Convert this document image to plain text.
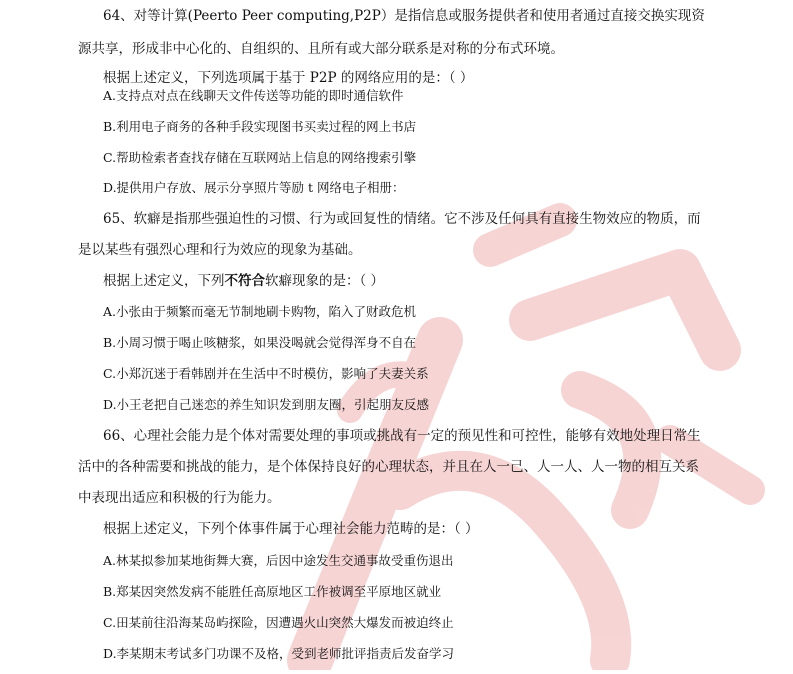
64、对等计算(Peerto Peer computing,P2P）是指信息或服务提供者和使用者通过直接交换实现资
源共享，形成非中心化的、自组织的、且所有或大部分联系是对称的分布式环境。
根据上述定义，下列选项属于基于 P2P 的网络应用的是：（ ）
A.支持点对点在线聊天文件传送等功能的即时通信软件
B.利用电子商务的各种手段实现图书买卖过程的网上书店
C.帮助检索者查找存储在互联网站上信息的网络搜索引擎
D.提供用户存放、展示分享照片等励 t 网络电子相册：
65、软癖是指那些强迫性的习惯、行为或回复性的情绪。它不涉及任何具有直接生物效应的物质，而
是以某些有强烈心理和行为效应的现象为基础。
根据上述定义，下列不符合软癖现象的是：（ ）
A.小张由于频繁而毫无节制地刷卡购物，陷入了财政危机
B.小周习惯于喝止咳糖浆，如果没喝就会觉得浑身不自在
C.小郑沉迷于看韩剧并在生活中不时模仿，影响了夫妻关系
D.小王老把自己迷恋的养生知识发到朋友圈，引起朋友反感
66、心理社会能力是个体对需要处理的事项或挑战有一定的预见性和可控性，能够有效地处理日常生
活中的各种需要和挑战的能力，是个体保持良好的心理状态，并且在人一己、人一人、人一物的相互关系
中表现出适应和积极的行为能力。
根据上述定义，下列个体事件属于心理社会能力范畴的是：（ ）
A.林某拟参加某地街舞大赛，后因中途发生交通事故受重伤退出
B.郑某因突然发病不能胜任高原地区工作被调至平原地区就业
C.田某前往沿海某岛屿探险，因遭遇火山突然大爆发而被迫终止
D.李某期末考试多门功课不及格，受到老师批评指责后发奋学习
